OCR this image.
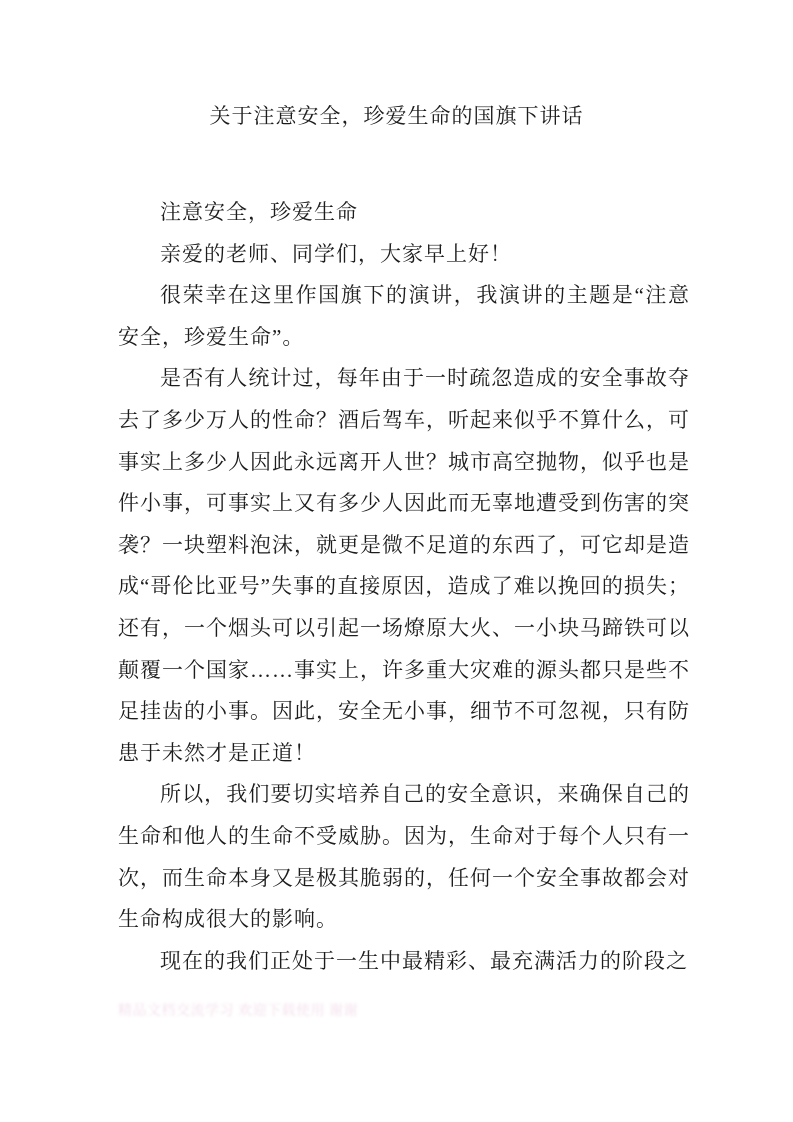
关于注意安全，珍爱生命的国旗下讲话

注意安全，珍爱生命

亲爱的老师、同学们，大家早上好！

很荣幸在这里作国旗下的演讲，我演讲的主题是“注意安全，珍爱生命”。

是否有人统计过，每年由于一时疏忽造成的安全事故夺去了多少万人的性命？酒后驾车，听起来似乎不算什么，可事实上多少人因此永远离开人世？城市高空抛物，似乎也是件小事，可事实上又有多少人因此而无辜地遭受到伤害的突袭？一块塑料泡沫，就更是微不足道的东西了，可它却是造成“哥伦比亚号”失事的直接原因，造成了难以挽回的损失；还有，一个烟头可以引起一场燎原大火、一小块马蹄铁可以颠覆一个国家……事实上，许多重大灾难的源头都只是些不足挂齿的小事。因此，安全无小事，细节不可忽视，只有防患于未然才是正道！

所以，我们要切实培养自己的安全意识，来确保自己的生命和他人的生命不受威胁。因为，生命对于每个人只有一次，而生命本身又是极其脆弱的，任何一个安全事故都会对生命构成很大的影响。

现在的我们正处于一生中最精彩、最充满活力的阶段之

精品文档交流学习 欢迎下载使用 谢谢
